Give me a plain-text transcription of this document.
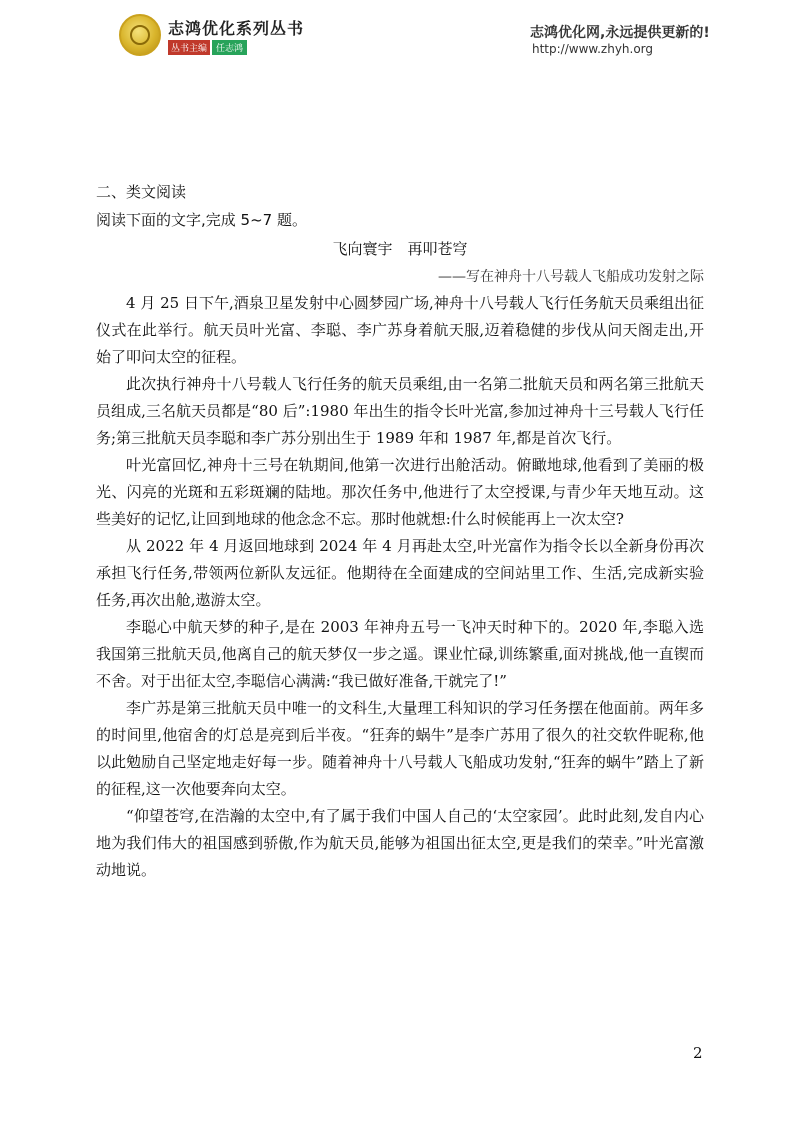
志鸿优化系列丛书
丛书主编 任志鸿
志鸿优化网,永远提供更新的!
http://www.zhyh.org
二、类文阅读
阅读下面的文字,完成 5~7 题。
飞向寰宇　再叩苍穹
——写在神舟十八号载人飞船成功发射之际

4 月 25 日下午,酒泉卫星发射中心圆梦园广场,神舟十八号载人飞行任务航天员乘组出征仪式在此举行。航天员叶光富、李聪、李广苏身着航天服,迈着稳健的步伐从问天阁走出,开始了叩问太空的征程。

此次执行神舟十八号载人飞行任务的航天员乘组,由一名第二批航天员和两名第三批航天员组成,三名航天员都是“80 后”:1980 年出生的指令长叶光富,参加过神舟十三号载人飞行任务;第三批航天员李聪和李广苏分别出生于 1989 年和 1987 年,都是首次飞行。

叶光富回忆,神舟十三号在轨期间,他第一次进行出舱活动。俯瞰地球,他看到了美丽的极光、闪亮的光斑和五彩斑斓的陆地。那次任务中,他进行了太空授课,与青少年天地互动。这些美好的记忆,让回到地球的他念念不忘。那时他就想:什么时候能再上一次太空?

从 2022 年 4 月返回地球到 2024 年 4 月再赴太空,叶光富作为指令长以全新身份再次承担飞行任务,带领两位新队友远征。他期待在全面建成的空间站里工作、生活,完成新实验任务,再次出舱,遨游太空。

李聪心中航天梦的种子,是在 2003 年神舟五号一飞冲天时种下的。2020 年,李聪入选我国第三批航天员,他离自己的航天梦仅一步之遥。课业忙碌,训练繁重,面对挑战,他一直锲而不舍。对于出征太空,李聪信心满满:“我已做好准备,干就完了!”

李广苏是第三批航天员中唯一的文科生,大量理工科知识的学习任务摆在他面前。两年多的时间里,他宿舍的灯总是亮到后半夜。“狂奔的蜗牛”是李广苏用了很久的社交软件昵称,他以此勉励自己坚定地走好每一步。随着神舟十八号载人飞船成功发射,“狂奔的蜗牛”踏上了新的征程,这一次他要奔向太空。

“仰望苍穹,在浩瀚的太空中,有了属于我们中国人自己的‘太空家园’。此时此刻,发自内心地为我们伟大的祖国感到骄傲,作为航天员,能够为祖国出征太空,更是我们的荣幸。”叶光富激动地说。

2
